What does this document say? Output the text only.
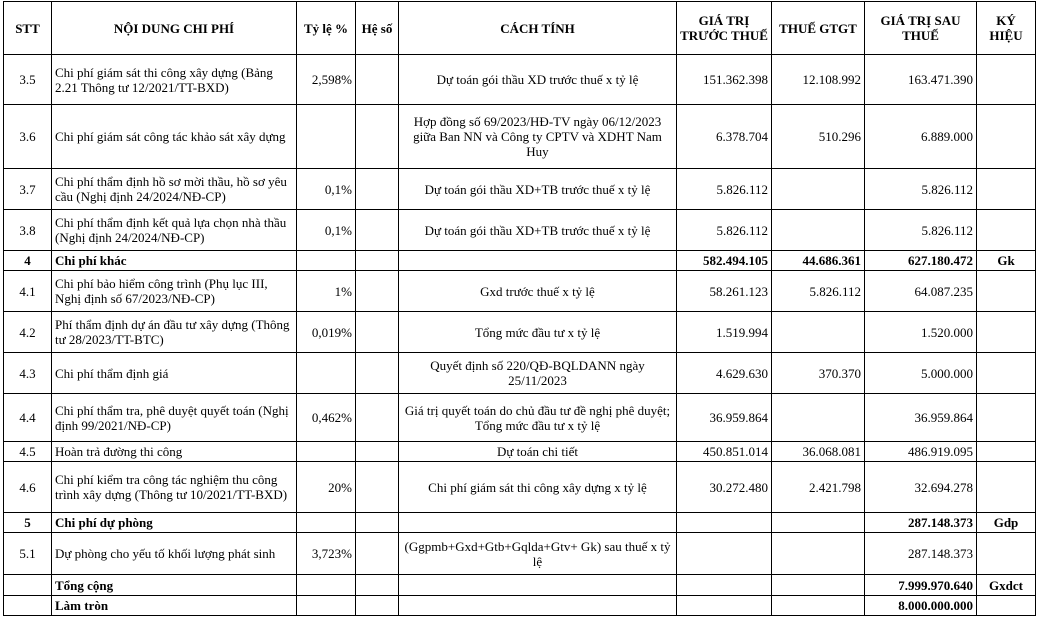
STT	NỘI DUNG CHI PHÍ	Tỷ lệ %	Hệ số	CÁCH TÍNH	GIÁ TRỊ TRƯỚC THUẾ	THUẾ GTGT	GIÁ TRỊ SAU THUẾ	KÝ HIỆU
3.5	Chi phí giám sát thi công xây dựng (Bảng 2.21 Thông tư 12/2021/TT-BXD)	2,598%		Dự toán gói thầu XD trước thuế x tỷ lệ	151.362.398	12.108.992	163.471.390	
3.6	Chi phí giám sát công tác khảo sát xây dựng			Hợp đồng số 69/2023/HĐ-TV ngày 06/12/2023 giữa Ban NN và Công ty CPTV và XDHT Nam Huy	6.378.704	510.296	6.889.000	
3.7	Chi phí thẩm định hồ sơ mời thầu, hồ sơ yêu cầu (Nghị định 24/2024/NĐ-CP)	0,1%		Dự toán gói thầu XD+TB trước thuế x tỷ lệ	5.826.112		5.826.112	
3.8	Chi phí thẩm định kết quả lựa chọn nhà thầu (Nghị định 24/2024/NĐ-CP)	0,1%		Dự toán gói thầu XD+TB trước thuế x tỷ lệ	5.826.112		5.826.112	
4	Chi phí khác				582.494.105	44.686.361	627.180.472	Gk
4.1	Chi phí bảo hiểm công trình (Phụ lục III, Nghị định số 67/2023/NĐ-CP)	1%		Gxd trước thuế x tỷ lệ	58.261.123	5.826.112	64.087.235	
4.2	Phí thẩm định dự án đầu tư xây dựng (Thông tư 28/2023/TT-BTC)	0,019%		Tổng mức đầu tư x tỷ lệ	1.519.994		1.520.000	
4.3	Chi phí thẩm định giá			Quyết định số 220/QĐ-BQLDANN ngày 25/11/2023	4.629.630	370.370	5.000.000	
4.4	Chi phí thẩm tra, phê duyệt quyết toán (Nghị định 99/2021/NĐ-CP)	0,462%		Giá trị quyết toán do chủ đầu tư đề nghị phê duyệt; Tổng mức đầu tư x tỷ lệ	36.959.864		36.959.864	
4.5	Hoàn trả đường thi công			Dự toán chi tiết	450.851.014	36.068.081	486.919.095	
4.6	Chi phí kiểm tra công tác nghiệm thu công trình xây dựng (Thông tư 10/2021/TT-BXD)	20%		Chi phí giám sát thi công xây dựng x tỷ lệ	30.272.480	2.421.798	32.694.278	
5	Chi phí dự phòng						287.148.373	Gdp
5.1	Dự phòng cho yếu tố khối lượng phát sinh	3,723%		(Ggpmb+Gxd+Gtb+Gqlda+Gtv+ Gk) sau thuế x tỷ lệ			287.148.373	
	Tổng cộng						7.999.970.640	Gxdct
	Làm tròn						8.000.000.000	
